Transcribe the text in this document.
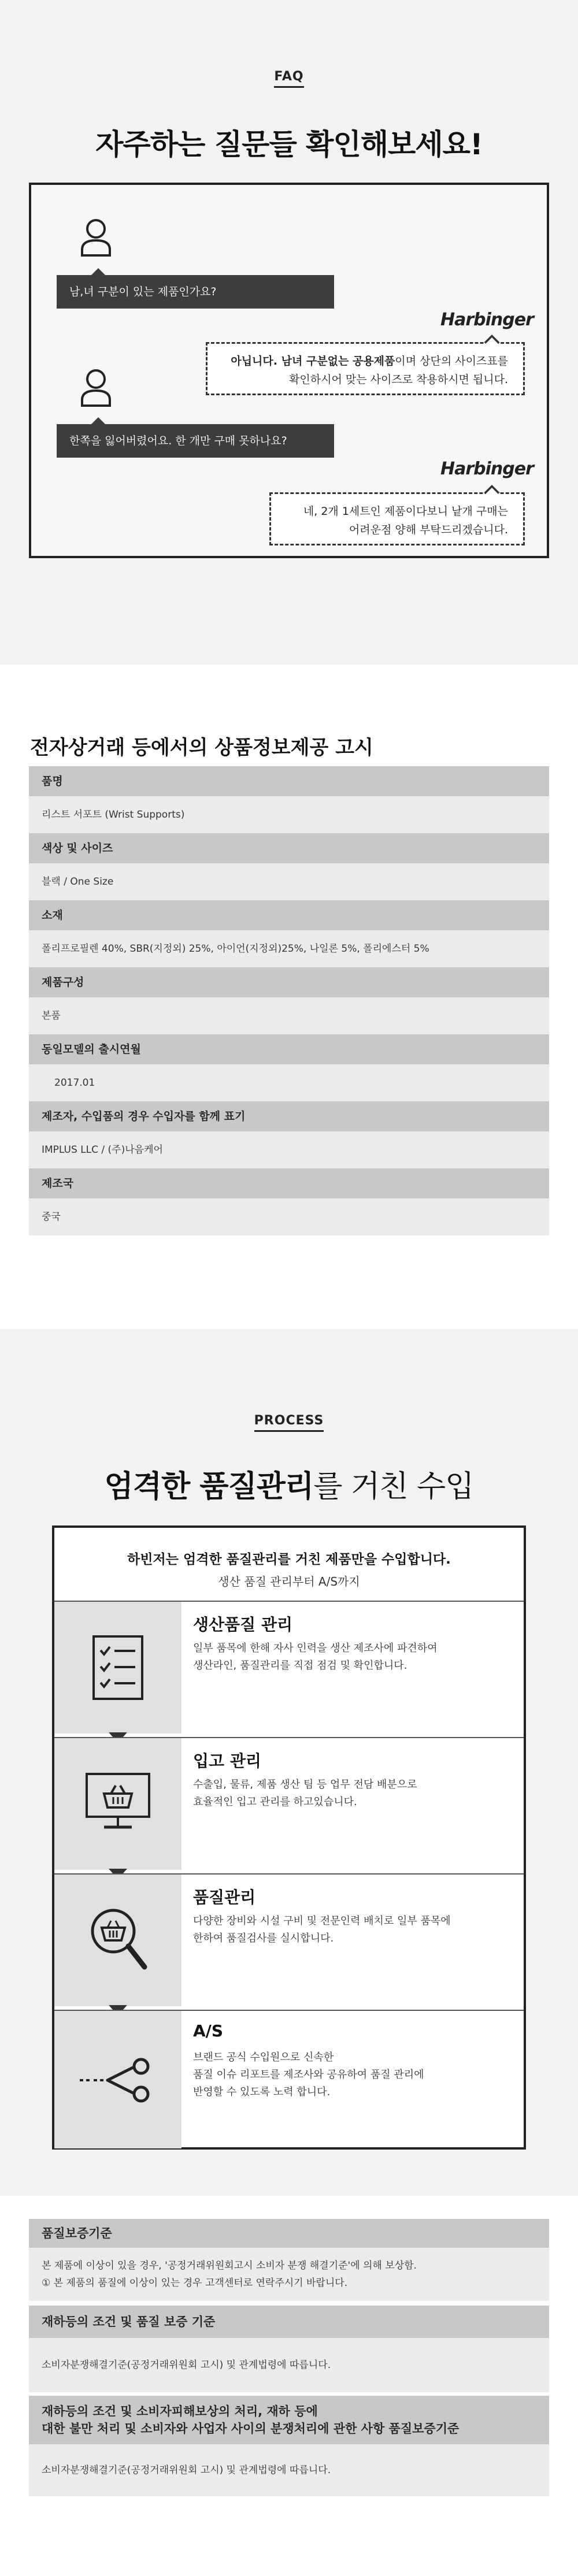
FAQ
자주하는 질문들 확인해보세요!
남,녀 구분이 있는 제품인가요?
Harbinger
아닙니다. 남녀 구분없는 공용제품이며 상단의 사이즈표를
확인하시어 맞는 사이즈로 착용하시면 됩니다.
한쪽을 잃어버렸어요. 한 개만 구매 못하나요?
Harbinger
네, 2개 1세트인 제품이다보니 낱개 구매는
어려운점 양해 부탁드리겠습니다.
전자상거래 등에서의 상품정보제공 고시
품명
리스트 서포트 (Wrist Supports)
색상 및 사이즈
블랙 / One Size
소재
폴리프로필렌 40%, SBR(지정외) 25%, 아이언(지정외)25%, 나일론 5%, 폴리에스터 5%
제품구성
본품
동일모델의 출시연월
2017.01
제조자, 수입품의 경우 수입자를 함께 표기
IMPLUS LLC / (주)나음케어
제조국
중국
PROCESS
엄격한 품질관리를 거친 수입
하빈저는 엄격한 품질관리를 거친 제품만을 수입합니다.
생산 품질 관리부터 A/S까지
생산품질 관리
일부 품목에 한해 자사 인력을 생산 제조사에 파견하여
생산라인, 품질관리를 직접 점검 및 확인합니다.
입고 관리
수출입, 물류, 제품 생산 팀 등 업무 전담 배분으로
효율적인 입고 관리를 하고있습니다.
품질관리
다양한 장비와 시설 구비 및 전문인력 배치로 일부 품목에
한하여 품질검사를 실시합니다.
A/S
브랜드 공식 수입원으로 신속한
품질 이슈 리포트를 제조사와 공유하여 품질 관리에
반영할 수 있도록 노력 합니다.
품질보증기준
본 제품에 이상이 있을 경우, '공정거래위원회고시 소비자 분쟁 해결기준'에 의해 보상함.
① 본 제품의 품질에 이상이 있는 경우 고객센터로 연락주시기 바랍니다.
재하등의 조건 및 품질 보증 기준
소비자분쟁해결기준(공정거래위원회 고시) 및 관계법령에 따릅니다.
재하등의 조건 및 소비자피해보상의 처리, 재하 등에
대한 불만 처리 및 소비자와 사업자 사이의 분쟁처리에 관한 사항 품질보증기준
소비자분쟁해결기준(공정거래위원회 고시) 및 관계법령에 따릅니다.
